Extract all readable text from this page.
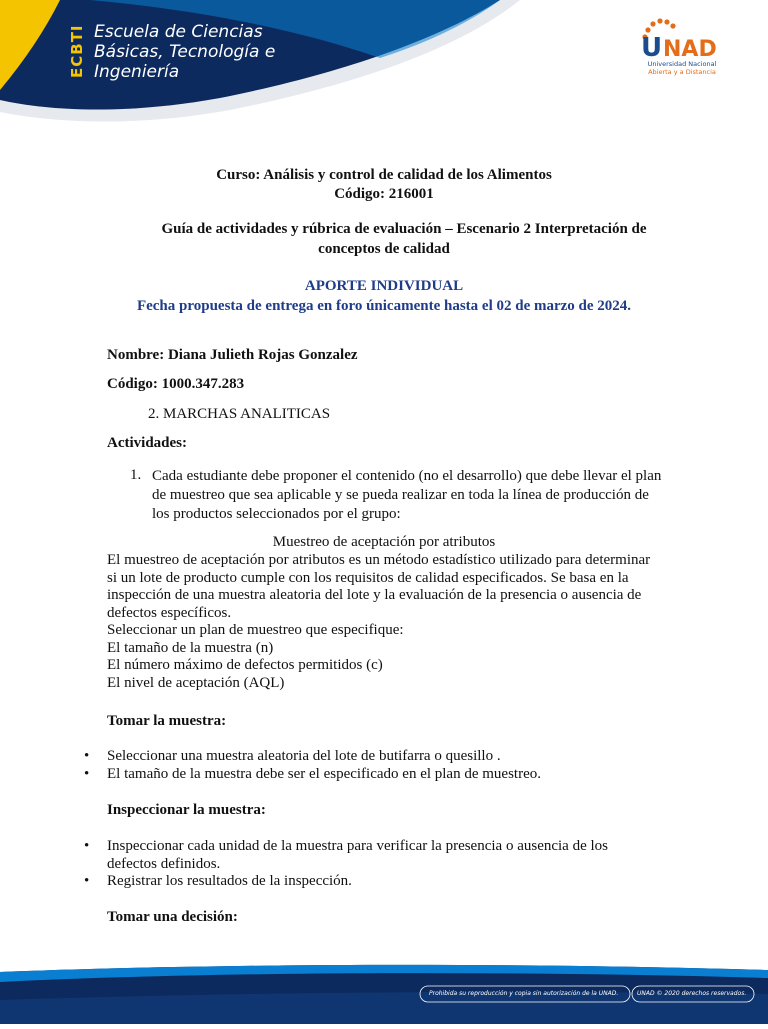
ECBTI Escuela de Ciencias
Básicas, Tecnología e
Ingeniería
U NAD
Universidad Nacional
Abierta y a Distancia
Curso: Análisis y control de calidad de los Alimentos
Código: 216001
Guía de actividades y rúbrica de evaluación – Escenario 2 Interpretación de
conceptos de calidad
APORTE INDIVIDUAL
Fecha propuesta de entrega en foro únicamente hasta el 02 de marzo de 2024.
Nombre: Diana Julieth Rojas Gonzalez
Código: 1000.347.283
2. MARCHAS ANALITICAS
Actividades:
1. Cada estudiante debe proponer el contenido (no el desarrollo) que debe llevar el plan
de muestreo que sea aplicable y se pueda realizar en toda la línea de producción de
los productos seleccionados por el grupo:
Muestreo de aceptación por atributos
El muestreo de aceptación por atributos es un método estadístico utilizado para determinar
si un lote de producto cumple con los requisitos de calidad especificados. Se basa en la
inspección de una muestra aleatoria del lote y la evaluación de la presencia o ausencia de
defectos específicos.
Seleccionar un plan de muestreo que especifique:
El tamaño de la muestra (n)
El número máximo de defectos permitidos (c)
El nivel de aceptación (AQL)
Tomar la muestra:
• Seleccionar una muestra aleatoria del lote de butifarra o quesillo .
• El tamaño de la muestra debe ser el especificado en el plan de muestreo.
Inspeccionar la muestra:
• Inspeccionar cada unidad de la muestra para verificar la presencia o ausencia de los
defectos definidos.
• Registrar los resultados de la inspección.
Tomar una decisión:
Prohibida su reproducción y copia sin autorización de la UNAD.	UNAD © 2020 derechos reservados.
